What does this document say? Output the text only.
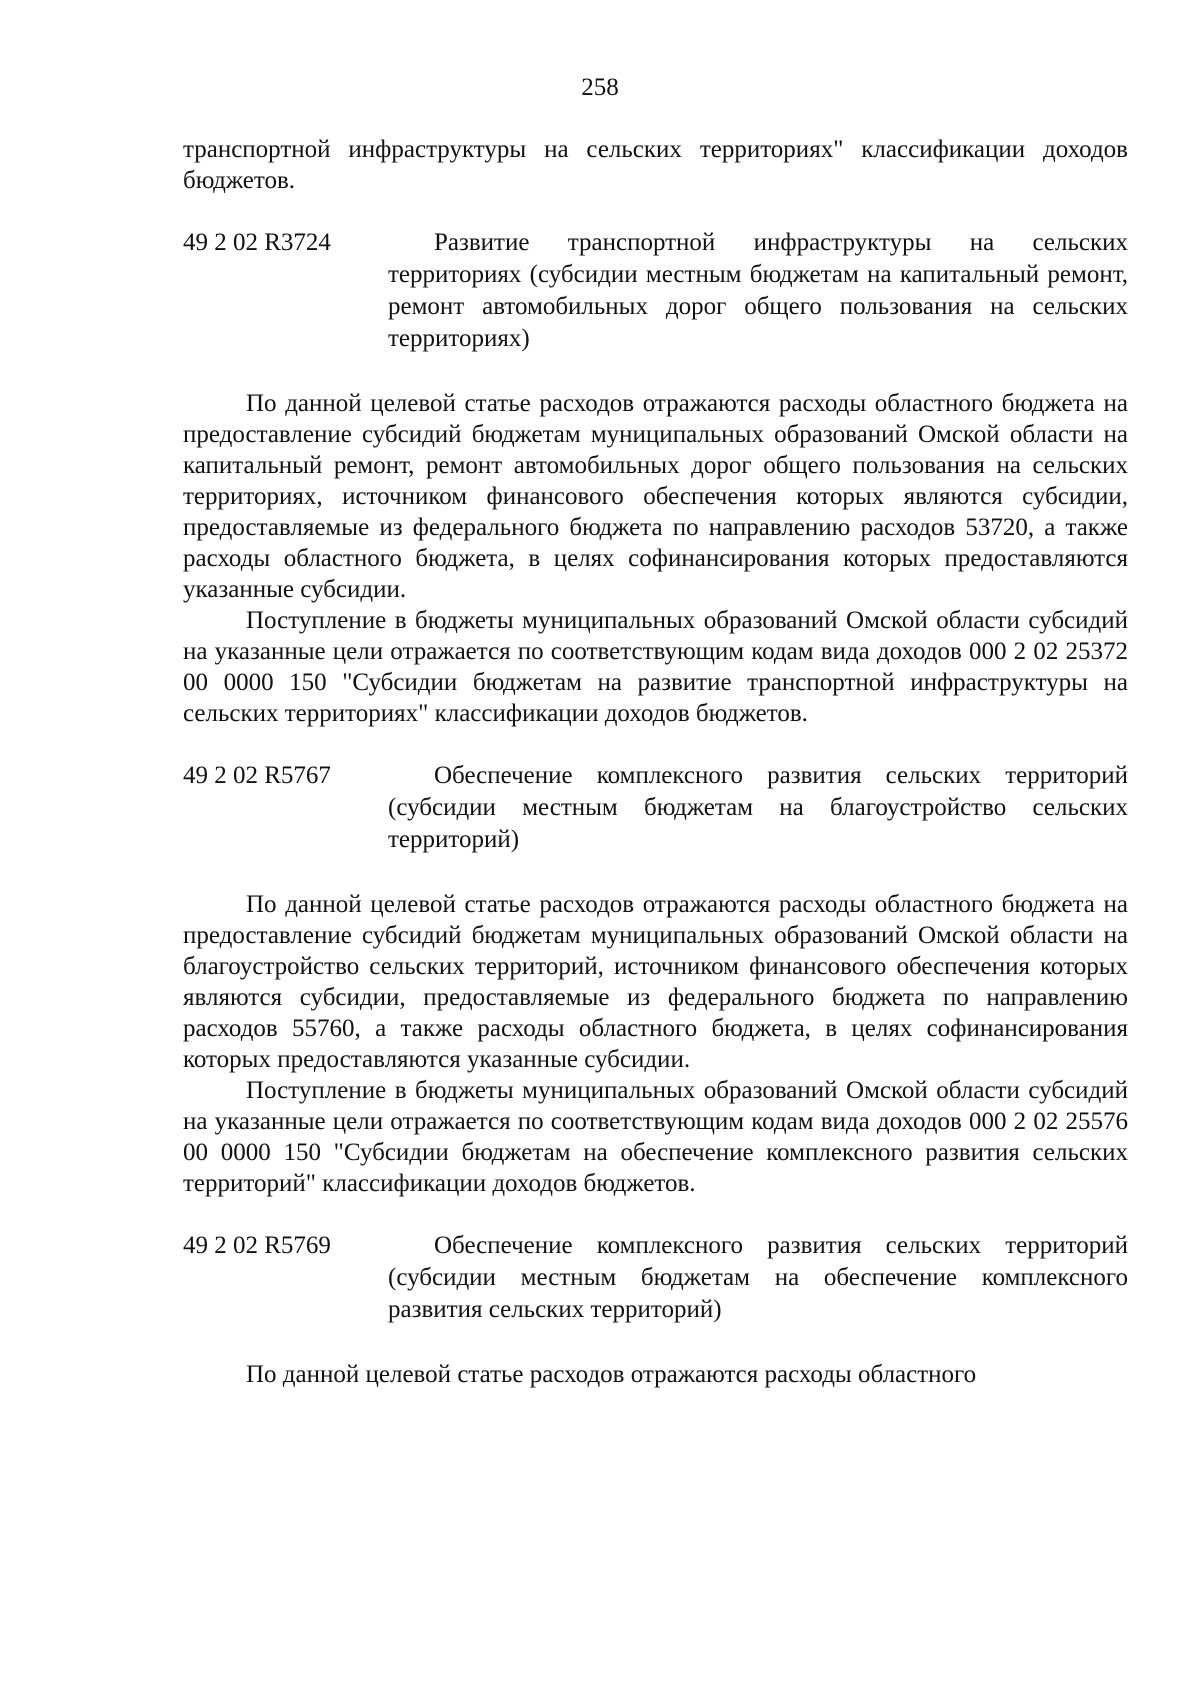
258

транспортной инфраструктуры на сельских территориях" классификации доходов бюджетов.

49 2 02 R3724	Развитие транспортной инфраструктуры на сельских территориях (субсидии местным бюджетам на капитальный ремонт, ремонт автомобильных дорог общего пользования на сельских территориях)

По данной целевой статье расходов отражаются расходы областного бюджета на предоставление субсидий бюджетам муниципальных образований Омской области на капитальный ремонт, ремонт автомобильных дорог общего пользования на сельских территориях, источником финансового обеспечения которых являются субсидии, предоставляемые из федерального бюджета по направлению расходов 53720, а также расходы областного бюджета, в целях софинансирования которых предоставляются указанные субсидии.

Поступление в бюджеты муниципальных образований Омской области субсидий на указанные цели отражается по соответствующим кодам вида доходов 000 2 02 25372 00 0000 150 "Субсидии бюджетам на развитие транспортной инфраструктуры на сельских территориях" классификации доходов бюджетов.

49 2 02 R5767	Обеспечение комплексного развития сельских территорий (субсидии местным бюджетам на благоустройство сельских территорий)

По данной целевой статье расходов отражаются расходы областного бюджета на предоставление субсидий бюджетам муниципальных образований Омской области на благоустройство сельских территорий, источником финансового обеспечения которых являются субсидии, предоставляемые из федерального бюджета по направлению расходов 55760, а также расходы областного бюджета, в целях софинансирования которых предоставляются указанные субсидии.

Поступление в бюджеты муниципальных образований Омской области субсидий на указанные цели отражается по соответствующим кодам вида доходов 000 2 02 25576 00 0000 150 "Субсидии бюджетам на обеспечение комплексного развития сельских территорий" классификации доходов бюджетов.

49 2 02 R5769	Обеспечение комплексного развития сельских территорий (субсидии местным бюджетам на обеспечение комплексного развития сельских территорий)

По данной целевой статье расходов отражаются расходы областного
